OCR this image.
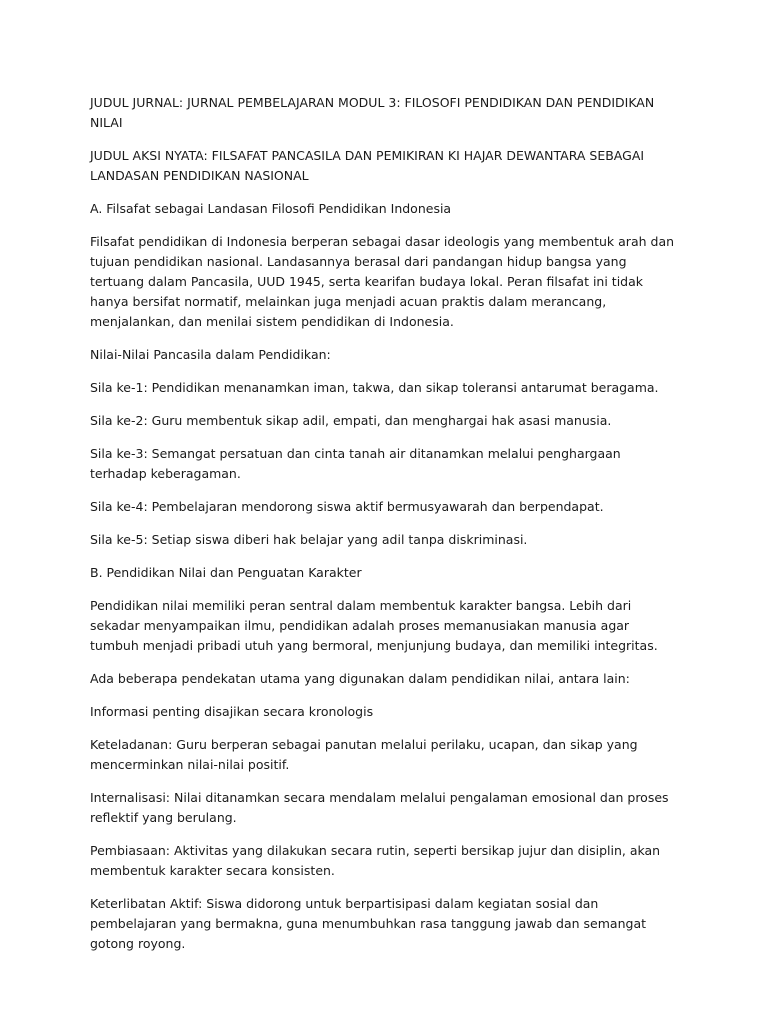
JUDUL JURNAL: JURNAL PEMBELAJARAN MODUL 3: FILOSOFI PENDIDIKAN DAN PENDIDIKAN NILAI

JUDUL AKSI NYATA: FILSAFAT PANCASILA DAN PEMIKIRAN KI HAJAR DEWANTARA SEBAGAI LANDASAN PENDIDIKAN NASIONAL

A. Filsafat sebagai Landasan Filosofi Pendidikan Indonesia

Filsafat pendidikan di Indonesia berperan sebagai dasar ideologis yang membentuk arah dan tujuan pendidikan nasional. Landasannya berasal dari pandangan hidup bangsa yang tertuang dalam Pancasila, UUD 1945, serta kearifan budaya lokal. Peran filsafat ini tidak hanya bersifat normatif, melainkan juga menjadi acuan praktis dalam merancang, menjalankan, dan menilai sistem pendidikan di Indonesia.

Nilai-Nilai Pancasila dalam Pendidikan:

Sila ke-1: Pendidikan menanamkan iman, takwa, dan sikap toleransi antarumat beragama.

Sila ke-2: Guru membentuk sikap adil, empati, dan menghargai hak asasi manusia.

Sila ke-3: Semangat persatuan dan cinta tanah air ditanamkan melalui penghargaan terhadap keberagaman.

Sila ke-4: Pembelajaran mendorong siswa aktif bermusyawarah dan berpendapat.

Sila ke-5: Setiap siswa diberi hak belajar yang adil tanpa diskriminasi.

B. Pendidikan Nilai dan Penguatan Karakter

Pendidikan nilai memiliki peran sentral dalam membentuk karakter bangsa. Lebih dari sekadar menyampaikan ilmu, pendidikan adalah proses memanusiakan manusia agar tumbuh menjadi pribadi utuh yang bermoral, menjunjung budaya, dan memiliki integritas.

Ada beberapa pendekatan utama yang digunakan dalam pendidikan nilai, antara lain:

Informasi penting disajikan secara kronologis

Keteladanan: Guru berperan sebagai panutan melalui perilaku, ucapan, dan sikap yang mencerminkan nilai-nilai positif.

Internalisasi: Nilai ditanamkan secara mendalam melalui pengalaman emosional dan proses reflektif yang berulang.

Pembiasaan: Aktivitas yang dilakukan secara rutin, seperti bersikap jujur dan disiplin, akan membentuk karakter secara konsisten.

Keterlibatan Aktif: Siswa didorong untuk berpartisipasi dalam kegiatan sosial dan pembelajaran yang bermakna, guna menumbuhkan rasa tanggung jawab dan semangat gotong royong.
